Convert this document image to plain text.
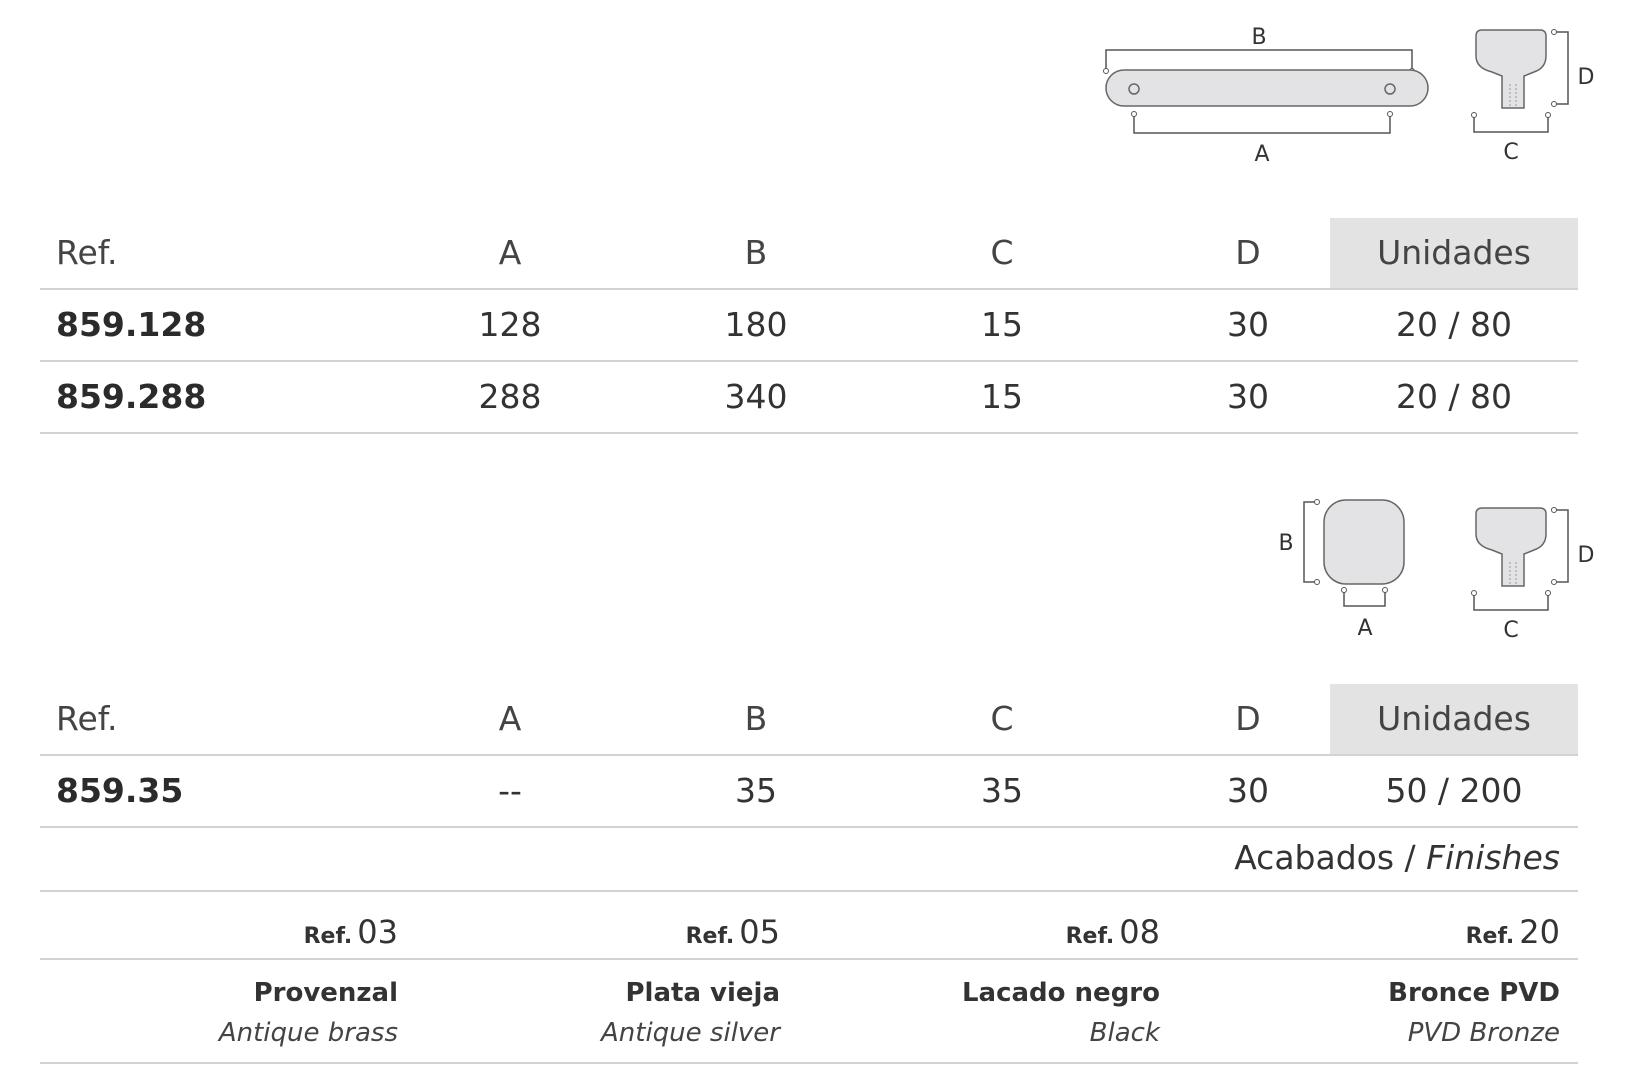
B
A
D
C
Ref.	A	B	C	D	Unidades
859.128	128	180	15	30	20 / 80
859.288	288	340	15	30	20 / 80
B
A
D
C
Ref.	A	B	C	D	Unidades
859.35	--	35	35	30	50 / 200
Acabados / Finishes
Ref. 03	Ref. 05	Ref. 08	Ref. 20
Provenzal	Plata vieja	Lacado negro	Bronce PVD
Antique brass	Antique silver	Black	PVD Bronze
